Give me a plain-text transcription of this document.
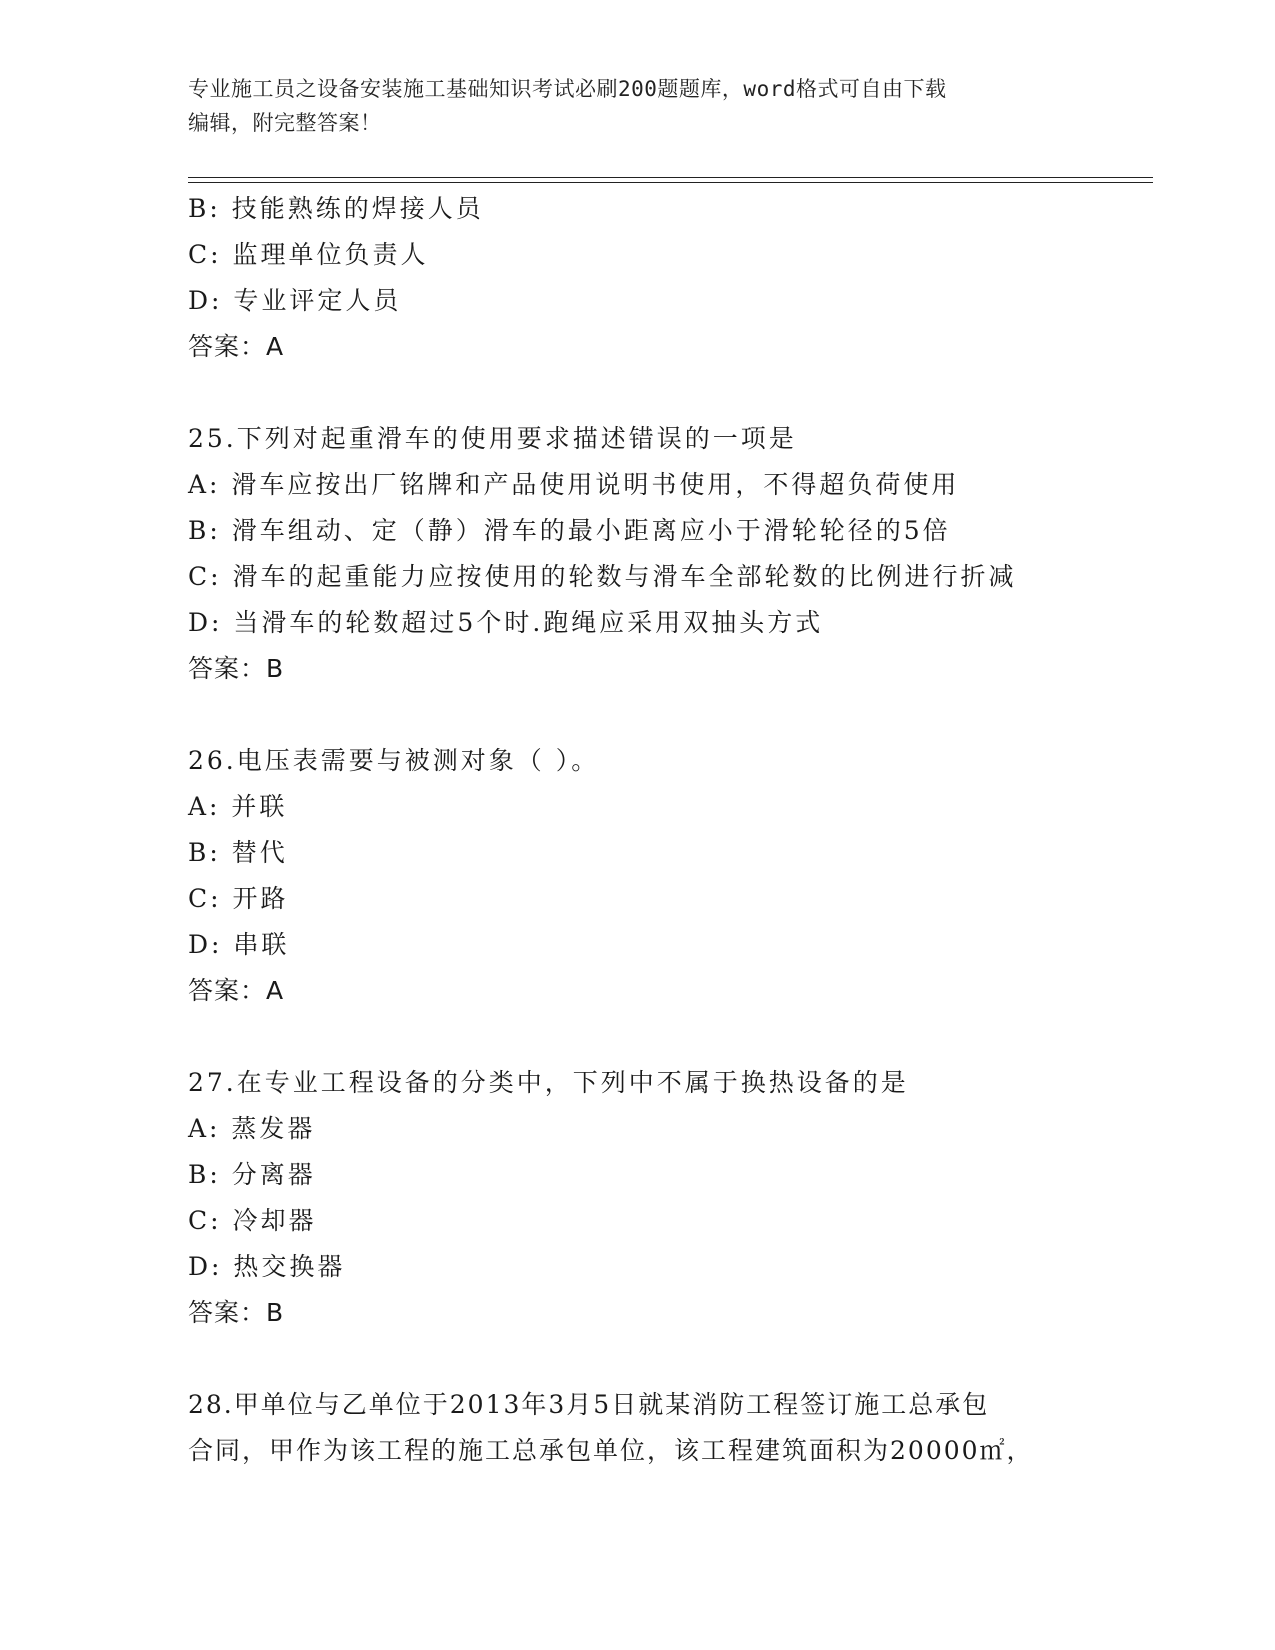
专业施工员之设备安装施工基础知识考试必刷200题题库，word格式可自由下载
编辑，附完整答案！
B: 技能熟练的焊接人员
C: 监理单位负责人
D: 专业评定人员
答案：A
25.下列对起重滑车的使用要求描述错误的一项是
A: 滑车应按出厂铭牌和产品使用说明书使用，不得超负荷使用
B: 滑车组动、定（静）滑车的最小距离应小于滑轮轮径的5倍
C: 滑车的起重能力应按使用的轮数与滑车全部轮数的比例进行折减
D: 当滑车的轮数超过5个时.跑绳应采用双抽头方式
答案：B
26.电压表需要与被测对象（ ）。
A: 并联
B: 替代
C: 开路
D: 串联
答案：A
27.在专业工程设备的分类中，下列中不属于换热设备的是
A: 蒸发器
B: 分离器
C: 冷却器
D: 热交换器
答案：B
28.甲单位与乙单位于2013年3月5日就某消防工程签订施工总承包
合同，甲作为该工程的施工总承包单位，该工程建筑面积为20000㎡，
